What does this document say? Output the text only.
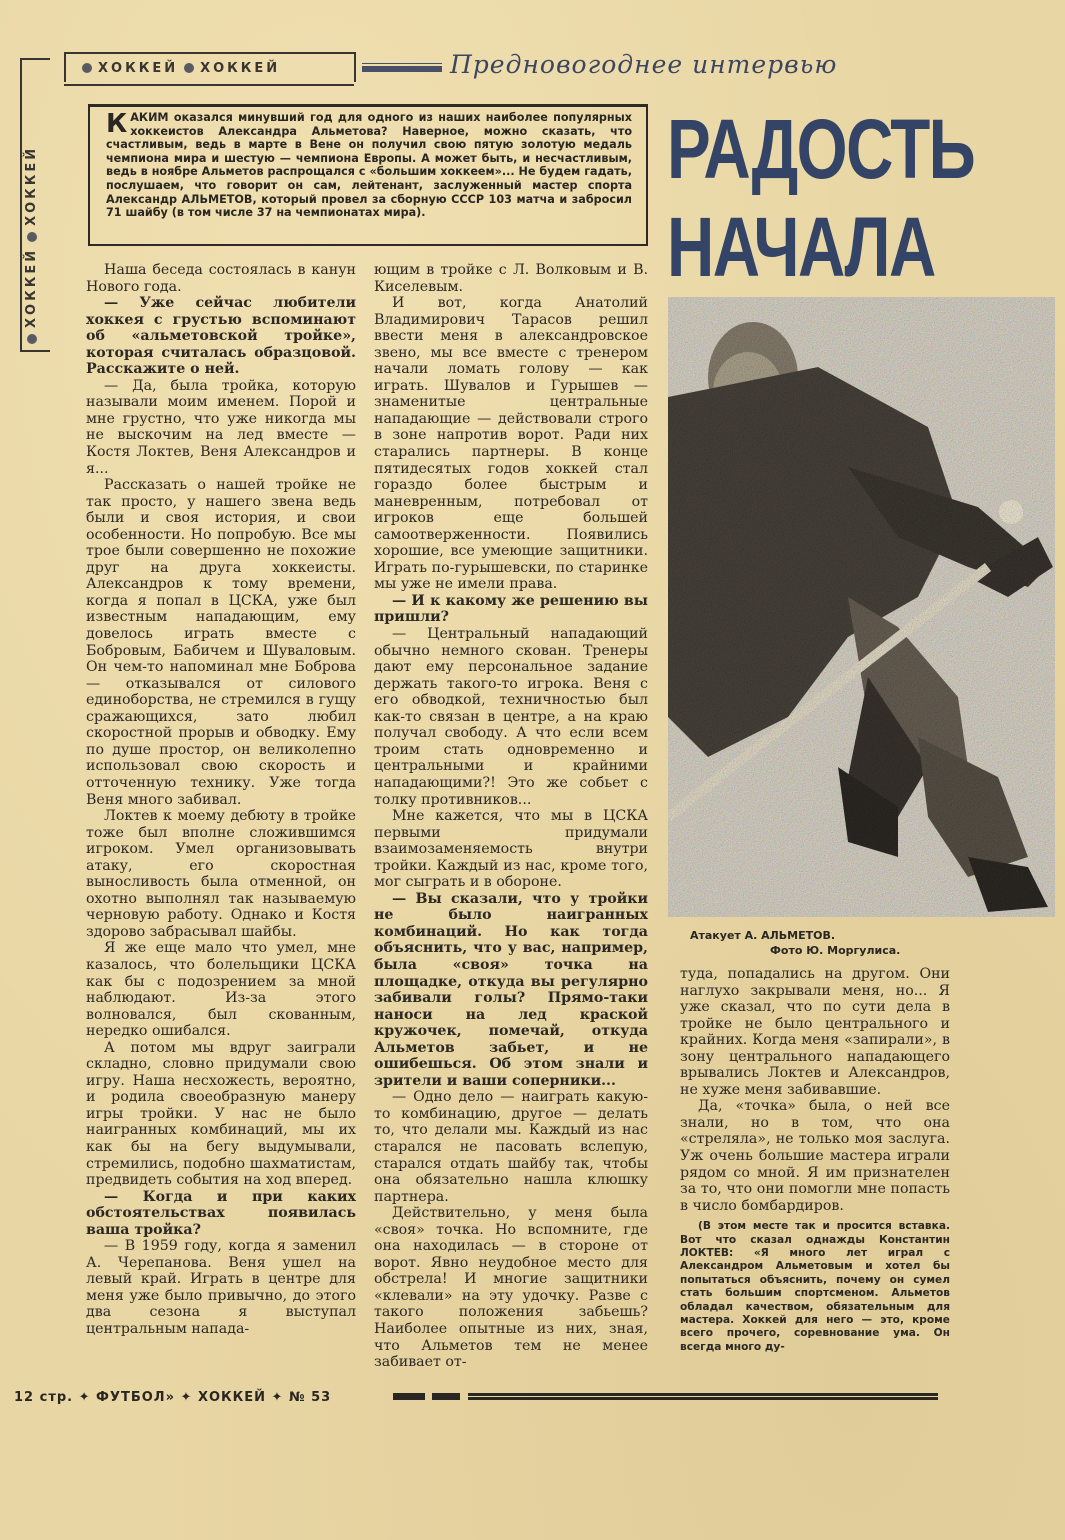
ХОККЕЙХОККЕЙ
ХОККЕЙ ХОККЕЙ	Предновогоднее интервью
КАКИМ оказался минувший год для одного из наших наиболее популярных хоккеистов Александра Альметова? Наверное, можно сказать, что счастливым, ведь в марте в Вене он получил свою пятую золотую медаль чемпиона мира и шестую — чемпиона Европы. А может быть, и несчастливым, ведь в ноябре Альметов распрощался с «большим хоккеем»... Не будем гадать, послушаем, что говорит он сам, лейтенант, заслуженный мастер спорта Александр АЛЬМЕТОВ, который провел за сборную СССР 103 матча и забросил 71 шайбу (в том числе 37 на чемпионатах мира).
РАДОСТЬ
НАЧАЛА

Наша беседа состоялась в канун Нового года.

— Уже сейчас любители хоккея с грустью вспоминают об «альметовской тройке», которая считалась образцовой. Расскажите о ней.

— Да, была тройка, которую называли моим именем. Порой и мне грустно, что уже никогда мы не выскочим на лед вместе — Костя Локтев, Веня Александров и я...

Рассказать о нашей тройке не так просто, у нашего звена ведь были и своя история, и свои особенности. Но попробую. Все мы трое были совершенно не похожие друг на друга хоккеисты. Александров к тому времени, когда я попал в ЦСКА, уже был известным нападающим, ему довелось играть вместе с Бобровым, Бабичем и Шуваловым. Он чем-то напоминал мне Боброва — отказывался от силового единоборства, не стремился в гущу сражающихся, зато любил скоростной прорыв и обводку. Ему по душе простор, он великолепно использовал свою скорость и отточенную технику. Уже тогда Веня много забивал.

Локтев к моему дебюту в тройке тоже был вполне сложившимся игроком. Умел организовывать атаку, его скоростная выносливость была отменной, он охотно выполнял так называемую черновую работу. Однако и Костя здорово забрасывал шайбы.

Я же еще мало что умел, мне казалось, что болельщики ЦСКА как бы с подозрением за мной наблюдают. Из-за этого волновался, был скованным, нередко ошибался.

А потом мы вдруг заиграли складно, словно придумали свою игру. Наша несхожесть, вероятно, и родила своеобразную манеру игры тройки. У нас не было наигранных комбинаций, мы их как бы на бегу выдумывали, стремились, подобно шахматистам, предвидеть события на ход вперед.

— Когда и при каких обстоятельствах появилась ваша тройка?

— В 1959 году, когда я заменил А. Черепанова. Веня ушел на левый край. Играть в центре для меня уже было привычно, до этого два сезона я выступал центральным напада-

ющим в тройке с Л. Волковым и В. Киселевым.

И вот, когда Анатолий Владимирович Тарасов решил ввести меня в александровское звено, мы все вместе с тренером начали ломать голову — как играть. Шувалов и Гурышев — знаменитые центральные нападающие — действовали строго в зоне напротив ворот. Ради них старались партнеры. В конце пятидесятых годов хоккей стал гораздо более быстрым и маневренным, потребовал от игроков еще большей самоотверженности. Появились хорошие, все умеющие защитники. Играть по-гурышевски, по старинке мы уже не имели права.

— И к какому же решению вы пришли?

— Центральный нападающий обычно немного скован. Тренеры дают ему персональное задание держать такого-то игрока. Веня с его обводкой, техничностью был как-то связан в центре, а на краю получал свободу. А что если всем троим стать одновременно и центральными и крайними нападающими?! Это же собьет с толку противников...

Мне кажется, что мы в ЦСКА первыми придумали взаимозаменяемость внутри тройки. Каждый из нас, кроме того, мог сыграть и в обороне.

— Вы сказали, что у тройки не было наигранных комбинаций. Но как тогда объяснить, что у вас, например, была «своя» точка на площадке, откуда вы регулярно забивали голы? Прямо-таки наноси на лед краской кружочек, помечай, откуда Альметов забьет, и не ошибешься. Об этом знали и зрители и ваши соперники...

— Одно дело — наиграть какую-то комбинацию, другое — делать то, что делали мы. Каждый из нас старался не пасовать вслепую, старался отдать шайбу так, чтобы она обязательно нашла клюшку партнера.

Действительно, у меня была «своя» точка. Но вспомните, где она находилась — в стороне от ворот. Явно неудобное место для обстрела! И многие защитники «клевали» на эту удочку. Разве с такого положения забьешь? Наиболее опытные из них, зная, что Альметов тем не менее забивает от-

Атакует А. АЛЬМЕТОВ.
Фото Ю. Моргулиса.

туда, попадались на другом. Они наглухо закрывали меня, но... Я уже сказал, что по сути дела в тройке не было центрального и крайних. Когда меня «запирали», в зону центрального нападающего врывались Локтев и Александров, не хуже меня забивавшие.

Да, «точка» была, о ней все знали, но в том, что она «стреляла», не только моя заслуга. Уж очень большие мастера играли рядом со мной. Я им признателен за то, что они помогли мне попасть в число бомбардиров.

(В этом месте так и просится вставка. Вот что сказал однажды Константин ЛОКТЕВ: «Я много лет играл с Александром Альметовым и хотел бы попытаться объяснить, почему он сумел стать большим спортсменом. Альметов обладал качеством, обязательным для мастера. Хоккей для него — это, кроме всего прочего, соревнование ума. Он всегда много ду-

12 стр. ✦ ФУТБОЛ» ✦ ХОККЕЙ ✦ № 53
